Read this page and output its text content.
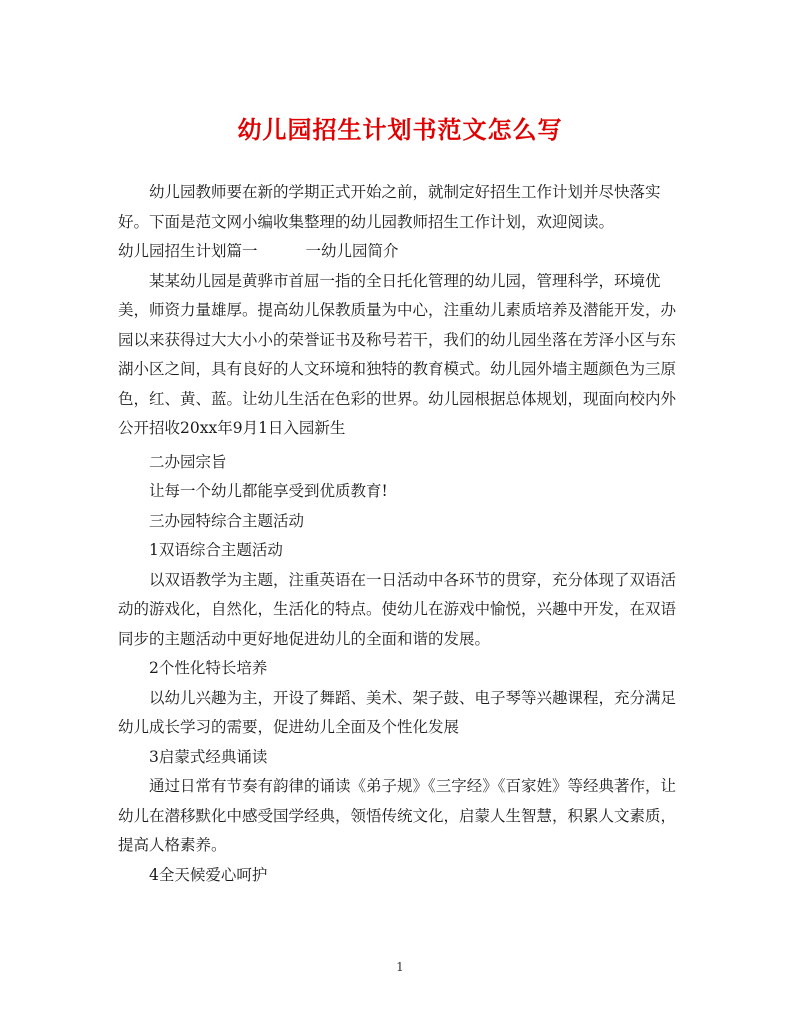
幼儿园招生计划书范文怎么写

幼儿园教师要在新的学期正式开始之前，就制定好招生工作计划并尽快落实好。下面是范文网小编收集整理的幼儿园教师招生工作计划，欢迎阅读。

幼儿园招生计划篇一	一幼儿园简介

某某幼儿园是黄骅市首屈一指的全日托化管理的幼儿园，管理科学，环境优美，师资力量雄厚。提高幼儿保教质量为中心，注重幼儿素质培养及潜能开发，办园以来获得过大大小小的荣誉证书及称号若干，我们的幼儿园坐落在芳泽小区与东湖小区之间，具有良好的人文环境和独特的教育模式。幼儿园外墙主题颜色为三原色，红、黄、蓝。让幼儿生活在色彩的世界。幼儿园根据总体规划，现面向校内外公开招收20xx年9月1日入园新生

二办园宗旨

让每一个幼儿都能享受到优质教育!

三办园特综合主题活动

1双语综合主题活动

以双语教学为主题，注重英语在一日活动中各环节的贯穿，充分体现了双语活动的游戏化，自然化，生活化的特点。使幼儿在游戏中愉悦，兴趣中开发，在双语同步的主题活动中更好地促进幼儿的全面和谐的发展。

2个性化特长培养

以幼儿兴趣为主，开设了舞蹈、美术、架子鼓、电子琴等兴趣课程，充分满足幼儿成长学习的需要，促进幼儿全面及个性化发展

3启蒙式经典诵读

通过日常有节奏有韵律的诵读《弟子规》《三字经》《百家姓》等经典著作，让幼儿在潜移默化中感受国学经典，领悟传统文化，启蒙人生智慧，积累人文素质，提高人格素养。

4全天候爱心呵护

1
